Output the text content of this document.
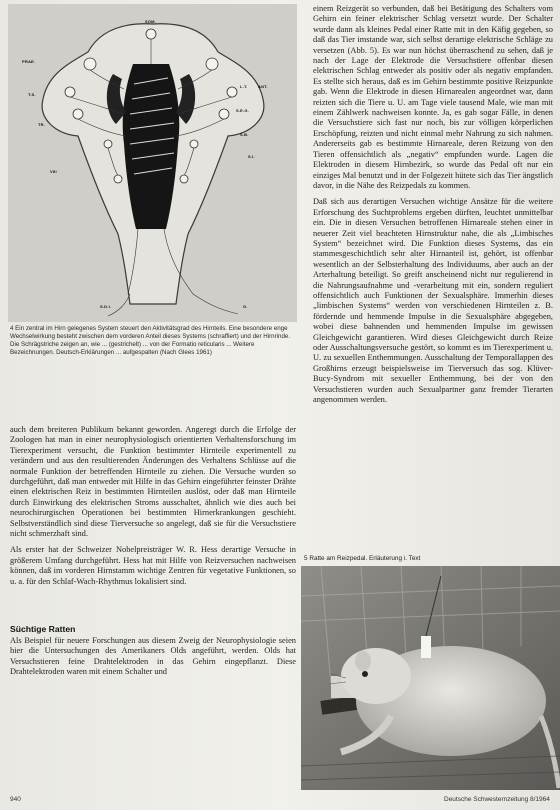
SOM.
PRAE.
T.S.
TR.
VIII
L.T.	ANT.
S.E.G.
S.B.
S.I.
S.D.I.	G.
4 Ein zentral im Hirn gelegenes System steuert den Aktivitätsgrad des Hirnteils. Eine besondere enge Wechselwirkung besteht zwischen dem vorderen Anteil dieses Systems (schraffiert) und der Hirnrinde. Die Schrägstriche zeigen an, wie ... (gestrichelt) ... von der Formatio reticularis ... Weitere Bezeichnungen. Deutsch-Erklärungen ... aufgespalten (Nach Glees 1961)

auch dem breiteren Publikum bekannt geworden. Angeregt durch die Erfolge der Zoologen hat man in einer neurophysiologisch orientierten Verhaltensforschung im Tierexperiment versucht, die Funktion bestimmter Hirnteile experimentell zu verändern und aus den resultierenden Änderungen des Verhaltens Schlüsse auf die normale Funktion der betreffenden Hirnteile zu ziehen. Die Versuche wurden so durchgeführt, daß man entweder mit Hilfe in das Gehirn eingeführter feinster Drähte einen elektrischen Reiz in bestimmten Hirnteilen auslöst, oder daß man Hirnteile durch Einwirkung des elektrischen Stroms ausschaltet, ähnlich wie dies auch bei neurochirurgischen Operationen bei bestimmten Hirnerkrankungen geschieht. Selbstverständlich sind diese Tierversuche so angelegt, daß sie für die Versuchstiere nicht schmerzhaft sind.

Als erster hat der Schweizer Nobelpreisträger W. R. Hess derartige Versuche in größerem Umfang durchgeführt. Hess hat mit Hilfe von Reizversuchen nachweisen können, daß im vorderen Hirnstamm wichtige Zentren für vegetative Funktionen, so u. a. für den Schlaf-Wach-Rhythmus lokalisiert sind.

Süchtige Ratten

Als Beispiel für neuere Forschungen aus diesem Zweig der Neurophysiologie seien hier die Untersuchungen des Amerikaners Olds angeführt, werden. Olds hat Versuchstieren feine Drahtelektroden in das Gehirn eingepflanzt. Diese Drahtelektroden waren mit einem Schalter und

einem Reizgerät so verbunden, daß bei Betätigung des Schalters vom Gehirn ein feiner elektrischer Schlag versetzt wurde. Der Schalter wurde dann als kleines Pedal einer Ratte mit in den Käfig gegeben, so daß das Tier imstande war, sich selbst derartige elektrische Schläge zu versetzen (Abb. 5). Es war nun höchst überraschend zu sehen, daß je nach der Lage der Elektrode die Versuchstiere offenbar diesen elektrischen Schlag entweder als positiv oder als negativ empfanden. Es stellte sich heraus, daß es im Gehirn bestimmte positive Reizpunkte gab. Wenn die Elektrode in diesen Hirnarealen angeordnet war, dann reizten sich die Tiere u. U. am Tage viele tausend Male, wie man mit einem Zählwerk nachweisen konnte. Ja, es gab sogar Fälle, in denen die Versuchstiere sich fast nur noch, bis zur völligen körperlichen Erschöpfung, reizten und nicht einmal mehr Nahrung zu sich nahmen. Andererseits gab es bestimmte Hirnareale, deren Reizung von den Tieren offensichtlich als „negativ“ empfunden wurde. Lagen die Elektroden in diesem Hirnbezirk, so wurde das Pedal oft nur ein einziges Mal benutzt und in der Folgezeit hütete sich das Tier ängstlich davor, in die Nähe des Reizpedals zu kommen.

Daß sich aus derartigen Versuchen wichtige Ansätze für die weitere Erforschung des Suchtproblems ergeben dürften, leuchtet unmittelbar ein. Die in diesen Versuchen betroffenen Hirnareale stehen einer in neuerer Zeit viel beachteten Hirnstruktur nahe, die als „Limbisches System“ bezeichnet wird. Die Funktion dieses Systems, das ein stammesgeschichtlich sehr alter Hirnanteil ist, gehört, ist offenbar wesentlich an der Selbsterhaltung des Individuums, aber auch an der Arterhaltung beteiligt. So greift anscheinend nicht nur regulierend in die Nahrungsaufnahme und -verarbeitung mit ein, sondern reguliert offensichtlich auch Funktionen der Sexualsphäre. Immerhin dieses „limbischen Systems“ werden von verschiedenen Hirnteilen z. B. fördernde und hemmende Impulse in die Sexualsphäre abgegeben, wobei diese bahnenden und hemmenden Impulse im gewissen Gleichgewicht garantieren. Wird dieses Gleichgewicht durch Reize oder Ausschaltungsversuche gestört, so kommt es im Tierexperiment u. U. zu sexuellen Enthemmungen. Ausschaltung der Temporallappen des Großhirns erzeugt beispielsweise im Tierversuch das sog. Klüver-Bucy-Syndrom mit sexueller Enthemmung, bei der von den Versuchstieren wurden auch Sexualpartner ganz fremder Tierarten angenommen werden.

5 Ratte am Reizpedal. Erläuterung i. Text
940	Deutsche Schwesternzeitung 8/1964
